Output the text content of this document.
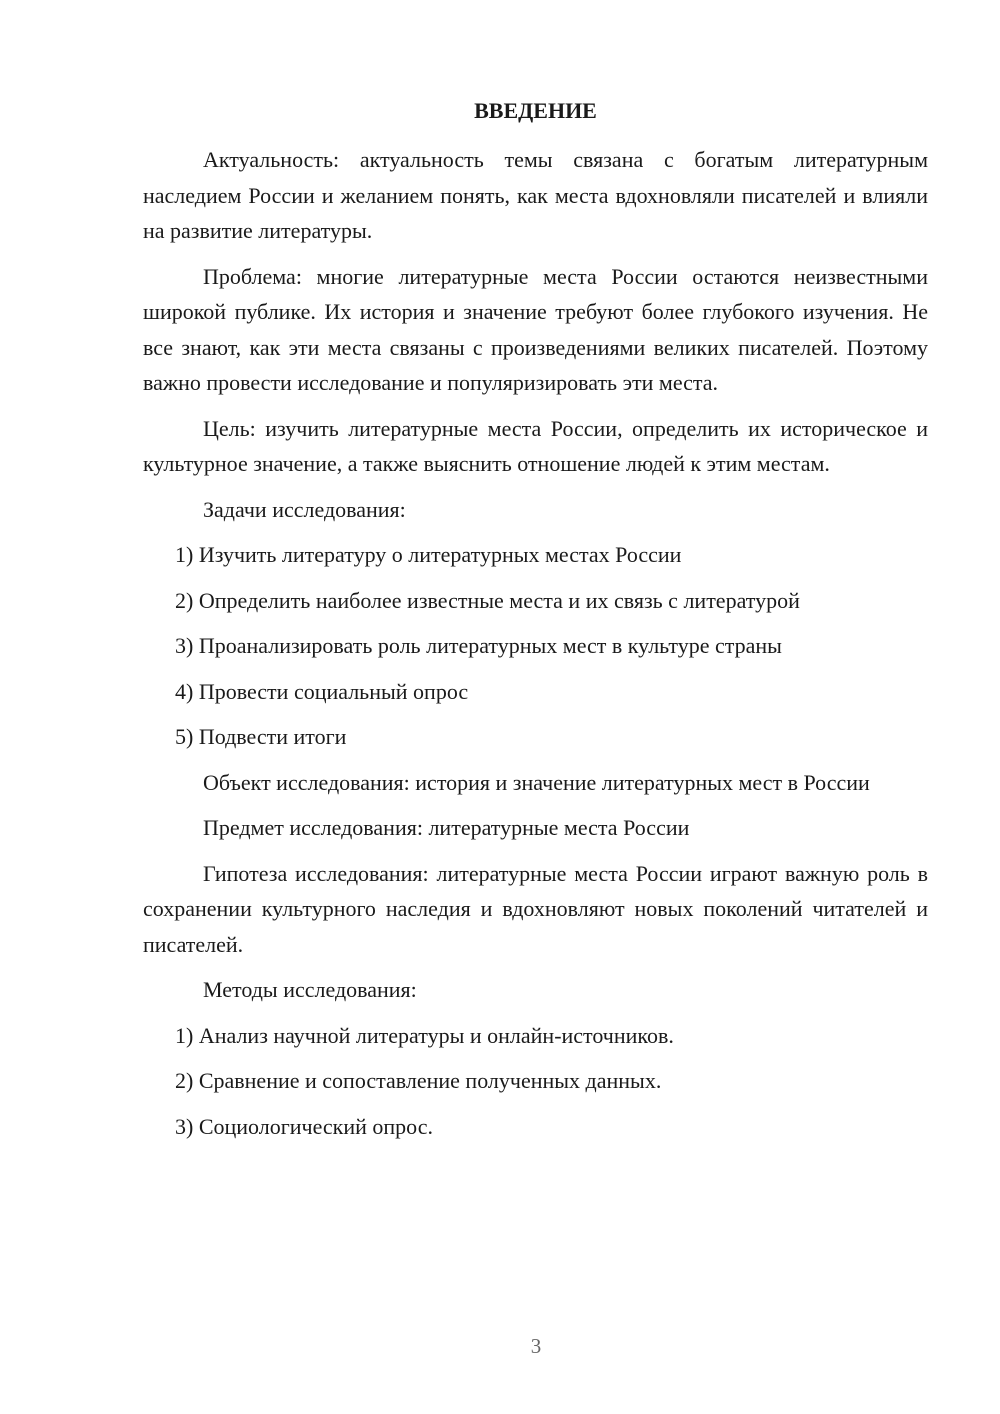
ВВЕДЕНИЕ

Актуальность: актуальность темы связана с богатым литературным наследием России и желанием понять, как места вдохновляли писателей и влияли на развитие литературы.

Проблема: многие литературные места России остаются неизвестными широкой публике. Их история и значение требуют более глубокого изучения. Не все знают, как эти места связаны с произведениями великих писателей. Поэтому важно провести исследование и популяризировать эти места.

Цель: изучить литературные места России, определить их историческое и культурное значение, а также выяснить отношение людей к этим местам.

Задачи исследования:

1) Изучить литературу о литературных местах России

2) Определить наиболее известные места и их связь с литературой

3) Проанализировать роль литературных мест в культуре страны

4) Провести социальный опрос

5) Подвести итоги

Объект исследования: история и значение литературных мест в России

Предмет исследования: литературные места России

Гипотеза исследования: литературные места России играют важную роль в сохранении культурного наследия и вдохновляют новых поколений читателей и писателей.

Методы исследования:

1) Анализ научной литературы и онлайн-источников.

2) Сравнение и сопоставление полученных данных.

3) Социологический опрос.

3
